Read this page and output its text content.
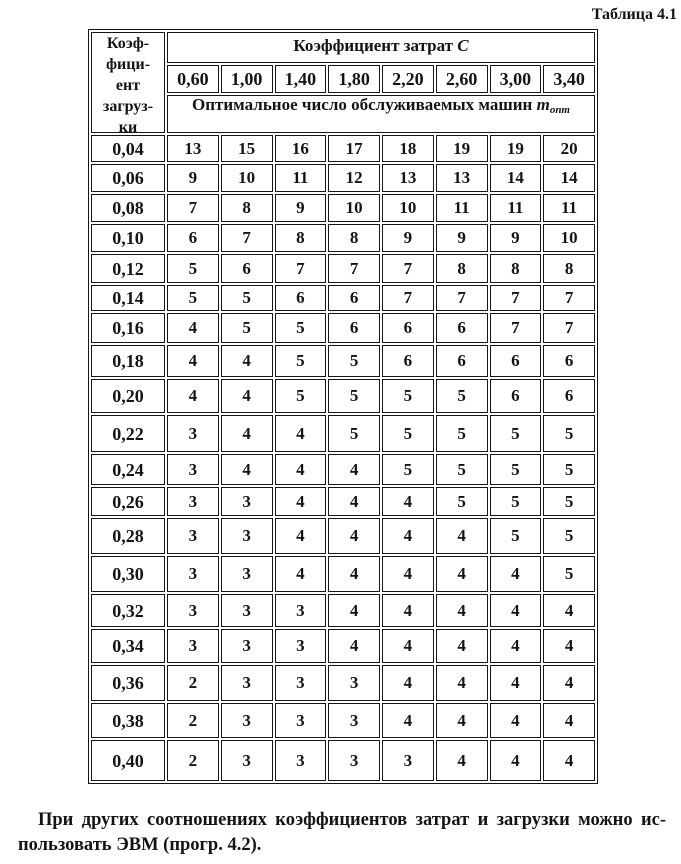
Таблица 4.1
Коэф-
фици-
ент
загруз-
ки	Коэффициент затрат C							
	0,60	1,00	1,40	1,80	2,20	2,60	3,00	3,40
	Оптимальное число обслуживаемых машин $m_{опт}$
0,04	13	15	16	17	18	19	19	20
0,06	9	10	11	12	13	13	14	14
0,08	7	8	9	10	10	11	11	11
0,10	6	7	8	8	9	9	9	10
0,12	5	6	7	7	7	8	8	8
0,14	5	5	6	6	7	7	7	7
0,16	4	5	5	6	6	6	7	7
0,18	4	4	5	5	6	6	6	6
0,20	4	4	5	5	5	5	6	6
0,22	3	4	4	5	5	5	5	5
0,24	3	4	4	4	5	5	5	5
0,26	3	3	4	4	4	5	5	5
0,28	3	3	4	4	4	4	5	5
0,30	3	3	4	4	4	4	4	5
0,32	3	3	3	4	4	4	4	4
0,34	3	3	3	4	4	4	4	4
0,36	2	3	3	3	4	4	4	4
0,38	2	3	3	3	4	4	4	4
0,40	2	3	3	3	3	4	4	4
При других соотношениях коэффициентов затрат и загрузки можно ис-
пользовать ЭВМ (прогр. 4.2).
